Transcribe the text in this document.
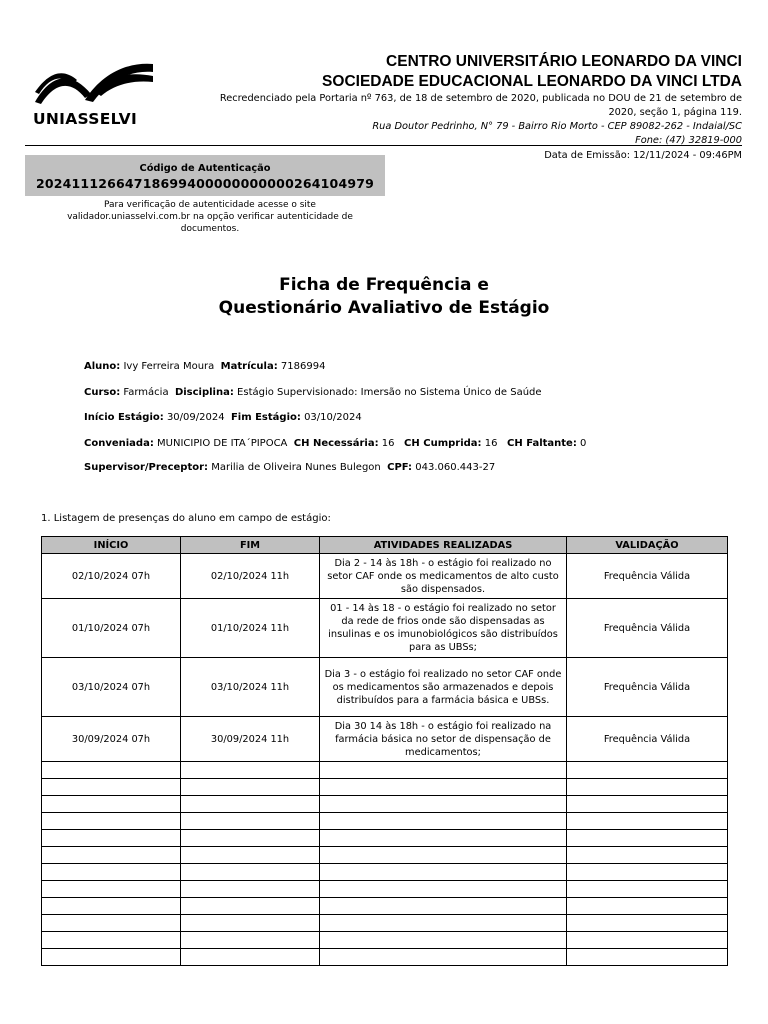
UNIASSELVI
CENTRO UNIVERSITÁRIO LEONARDO DA VINCI
SOCIEDADE EDUCACIONAL LEONARDO DA VINCI LTDA
Recredenciado pela Portaria nº 763, de 18 de setembro de 2020, publicada no DOU de 21 de setembro de
2020, seção 1, página 119.
Rua Doutor Pedrinho, N° 79 - Bairro Rio Morto - CEP 89082-262 - Indaial/SC
Fone: (47) 32819-000
Data de Emissão: 12/11/2024 - 09:46PM
Código de Autenticação
20241112664718699400000000000264104979
Para verificação de autenticidade acesse o site
validador.uniasselvi.com.br na opção verificar autenticidade de
documentos.
Ficha de Frequência e
Questionário Avaliativo de Estágio
Aluno: Ivy Ferreira Moura Matrícula: 7186994
Curso: Farmácia Disciplina: Estágio Supervisionado: Imersão no Sistema Único de Saúde
Início Estágio: 30/09/2024 Fim Estágio: 03/10/2024
Conveniada: MUNICIPIO DE ITA´PIPOCA CH Necessária: 16 CH Cumprida: 16 CH Faltante: 0
Supervisor/Preceptor: Marilia de Oliveira Nunes Bulegon CPF: 043.060.443-27
1. Listagem de presenças do aluno em campo de estágio:
INÍCIO	FIM	ATIVIDADES REALIZADAS	VALIDAÇÃO
02/10/2024 07h	02/10/2024 11h	Dia 2 - 14 às 18h - o estágio foi realizado no setor CAF onde os medicamentos de alto custo são dispensados.	Frequência Válida
01/10/2024 07h	01/10/2024 11h	01 - 14 às 18 - o estágio foi realizado no setor da rede de frios onde são dispensadas as insulinas e os imunobiológicos são distribuídos para as UBSs;	Frequência Válida
03/10/2024 07h	03/10/2024 11h	Dia 3 - o estágio foi realizado no setor CAF onde os medicamentos são armazenados e depois distribuídos para a farmácia básica e UBSs.	Frequência Válida
30/09/2024 07h	30/09/2024 11h	Dia 30 14 às 18h - o estágio foi realizado na farmácia básica no setor de dispensação de medicamentos;	Frequência Válida
